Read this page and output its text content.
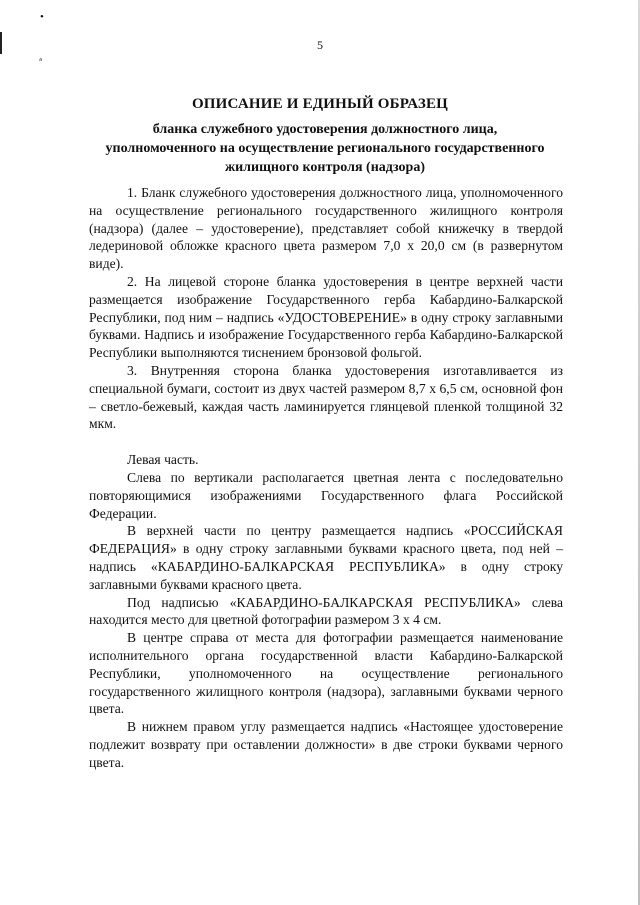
•
ₔ
5
ОПИСАНИЕ И ЕДИНЫЙ ОБРАЗЕЦ
бланка служебного удостоверения должностного лица, уполномоченного на осуществление регионального государственного жилищного контроля (надзора)

1. Бланк служебного удостоверения должностного лица, уполномоченного на осуществление регионального государственного жилищного контроля (надзора) (далее – удостоверение), представляет собой книжечку в твердой ледериновой обложке красного цвета размером 7,0 х 20,0 см (в развернутом виде).

2. На лицевой стороне бланка удостоверения в центре верхней части размещается изображение Государственного герба Кабардино-Балкарской Республики, под ним – надпись «УДОСТОВЕРЕНИЕ» в одну строку заглавными буквами. Надпись и изображение Государственного герба Кабардино-Балкарской Республики выполняются тиснением бронзовой фольгой.

3. Внутренняя сторона бланка удостоверения изготавливается из специальной бумаги, состоит из двух частей размером 8,7 х 6,5 см, основной фон – светло-бежевый, каждая часть ламинируется глянцевой пленкой толщиной 32 мкм.

Левая часть.

Слева по вертикали располагается цветная лента с последовательно повторяющимися изображениями Государственного флага Российской Федерации.

В верхней части по центру размещается надпись «РОССИЙСКАЯ ФЕДЕРАЦИЯ» в одну строку заглавными буквами красного цвета, под ней – надпись «КАБАРДИНО-БАЛКАРСКАЯ РЕСПУБЛИКА» в одну строку заглавными буквами красного цвета.

Под надписью «КАБАРДИНО-БАЛКАРСКАЯ РЕСПУБЛИКА» слева находится место для цветной фотографии размером 3 х 4 см.

В центре справа от места для фотографии размещается наименование исполнительного органа государственной власти Кабардино-Балкарской Республики, уполномоченного на осуществление регионального государственного жилищного контроля (надзора), заглавными буквами черного цвета.

В нижнем правом углу размещается надпись «Настоящее удостоверение подлежит возврату при оставлении должности» в две строки буквами черного цвета.
